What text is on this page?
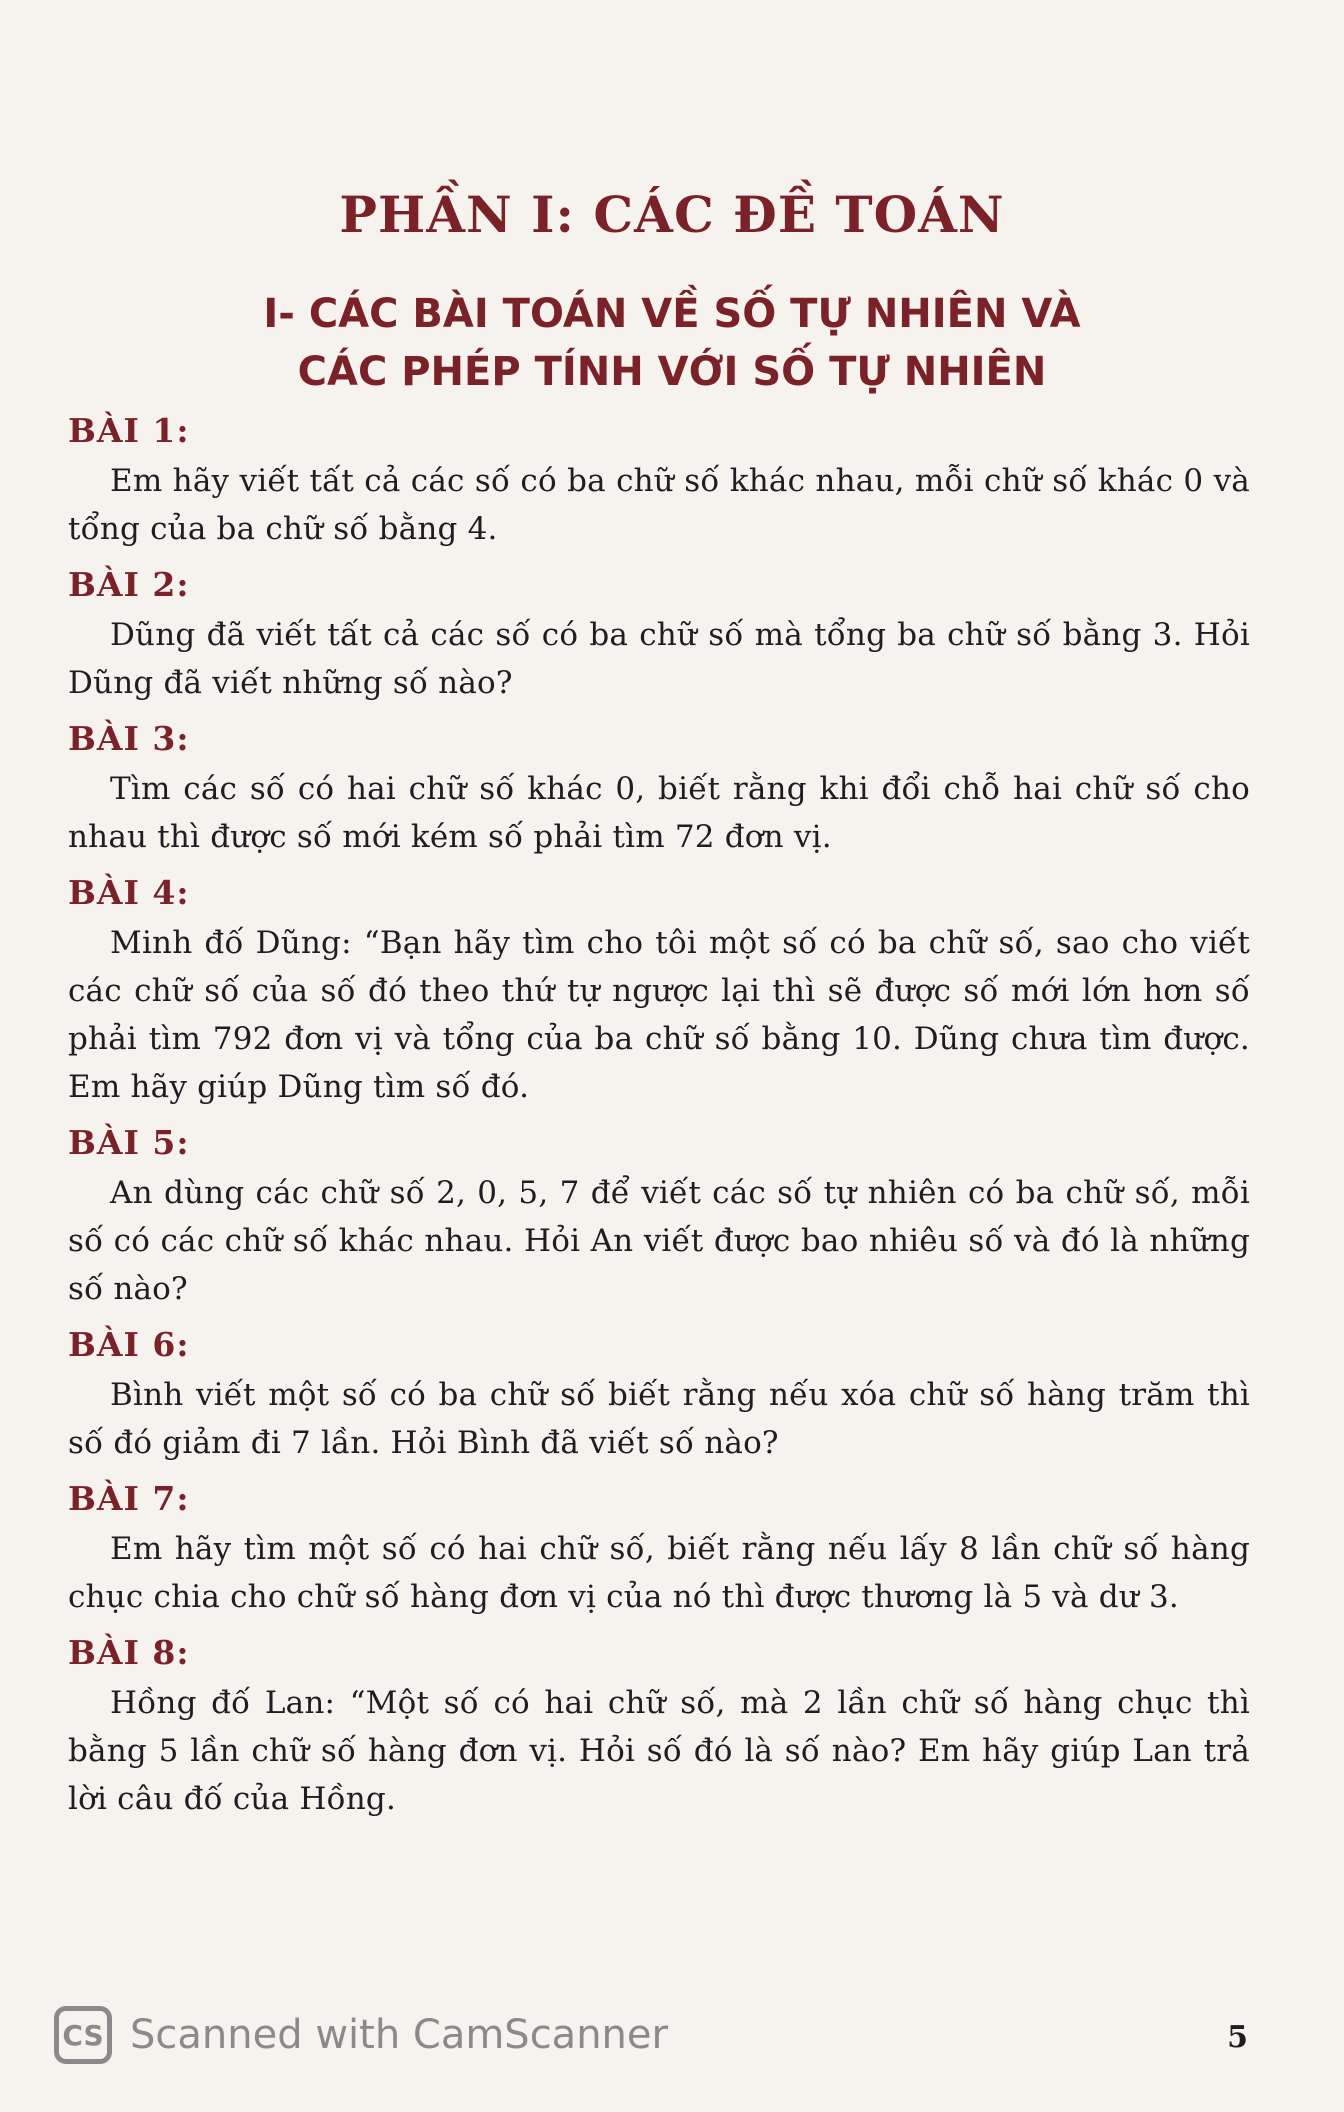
PHẦN I: CÁC ĐỀ TOÁN
I- CÁC BÀI TOÁN VỀ SỐ TỰ NHIÊN VÀ
CÁC PHÉP TÍNH VỚI SỐ TỰ NHIÊN

BÀI 1:

Em hãy viết tất cả các số có ba chữ số khác nhau, mỗi chữ số khác 0 và tổng của ba chữ số bằng 4.

BÀI 2:

Dũng đã viết tất cả các số có ba chữ số mà tổng ba chữ số bằng 3. Hỏi Dũng đã viết những số nào?

BÀI 3:

Tìm các số có hai chữ số khác 0, biết rằng khi đổi chỗ hai chữ số cho nhau thì được số mới kém số phải tìm 72 đơn vị.

BÀI 4:

Minh đố Dũng: “Bạn hãy tìm cho tôi một số có ba chữ số, sao cho viết các chữ số của số đó theo thứ tự ngược lại thì sẽ được số mới lớn hơn số phải tìm 792 đơn vị và tổng của ba chữ số bằng 10. Dũng chưa tìm được. Em hãy giúp Dũng tìm số đó.

BÀI 5:

An dùng các chữ số 2, 0, 5, 7 để viết các số tự nhiên có ba chữ số, mỗi số có các chữ số khác nhau. Hỏi An viết được bao nhiêu số và đó là những số nào?

BÀI 6:

Bình viết một số có ba chữ số biết rằng nếu xóa chữ số hàng trăm thì số đó giảm đi 7 lần. Hỏi Bình đã viết số nào?

BÀI 7:

Em hãy tìm một số có hai chữ số, biết rằng nếu lấy 8 lần chữ số hàng chục chia cho chữ số hàng đơn vị của nó thì được thương là 5 và dư 3.

BÀI 8:

Hồng đố Lan: “Một số có hai chữ số, mà 2 lần chữ số hàng chục thì bằng 5 lần chữ số hàng đơn vị. Hỏi số đó là số nào? Em hãy giúp Lan trả lời câu đố của Hồng.

CS Scanned with CamScanner	5
